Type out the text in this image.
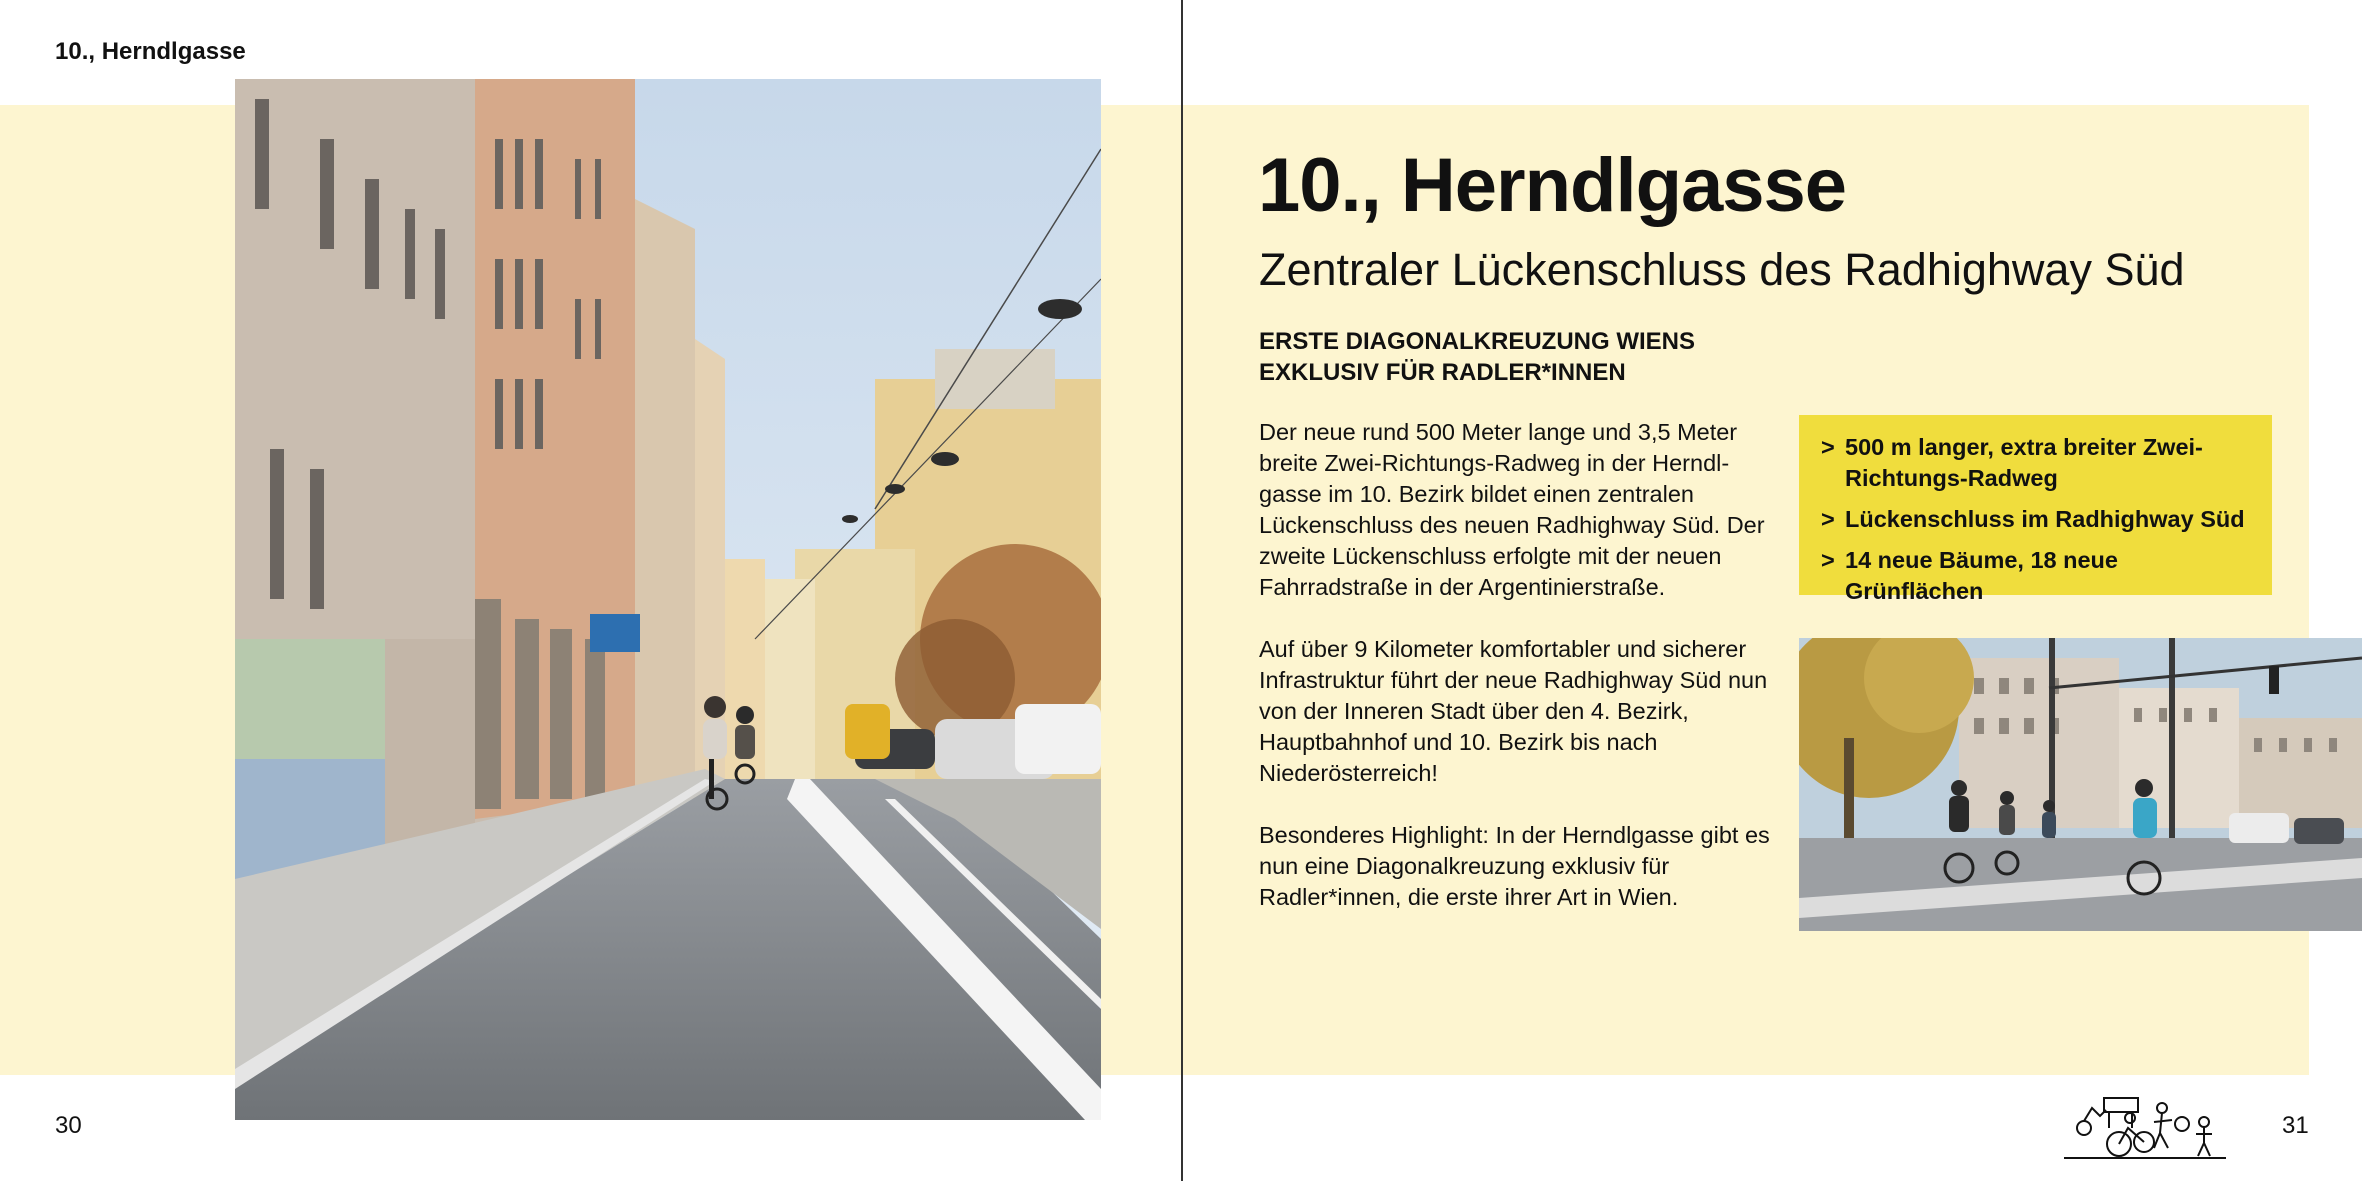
10., Herndlgasse
10., Herndlgasse
Zentraler Lückenschluss des Radhighway Süd
ERSTE DIAGONALKREUZUNG WIENS
EXKLUSIV FÜR RADLER*INNEN

Der neue rund 500 Meter lange und 3,5 Meter breite Zwei-Richtungs-Radweg in der Herndlgasse im 10. Bezirk bildet einen zentralen Lückenschluss des neuen Radhighway Süd. Der zweite Lückenschluss erfolgte mit der neuen Fahrradstraße in der Argentinierstraße.

Auf über 9 Kilometer komfortabler und sicherer Infrastruktur führt der neue Radhighway Süd nun von der Inneren Stadt über den 4. Bezirk, Hauptbahnhof und 10. Bezirk bis nach Niederösterreich!

Besonderes Highlight: In der Herndlgasse gibt es nun eine Diagonalkreuzung exklusiv für Radler*innen, die erste ihrer Art in Wien.

> 500 m langer, extra breiter Zwei-Richtungs-Radweg
> Lückenschluss im Radhighway Süd
> 14 neue Bäume, 18 neue Grünflächen
30	31
